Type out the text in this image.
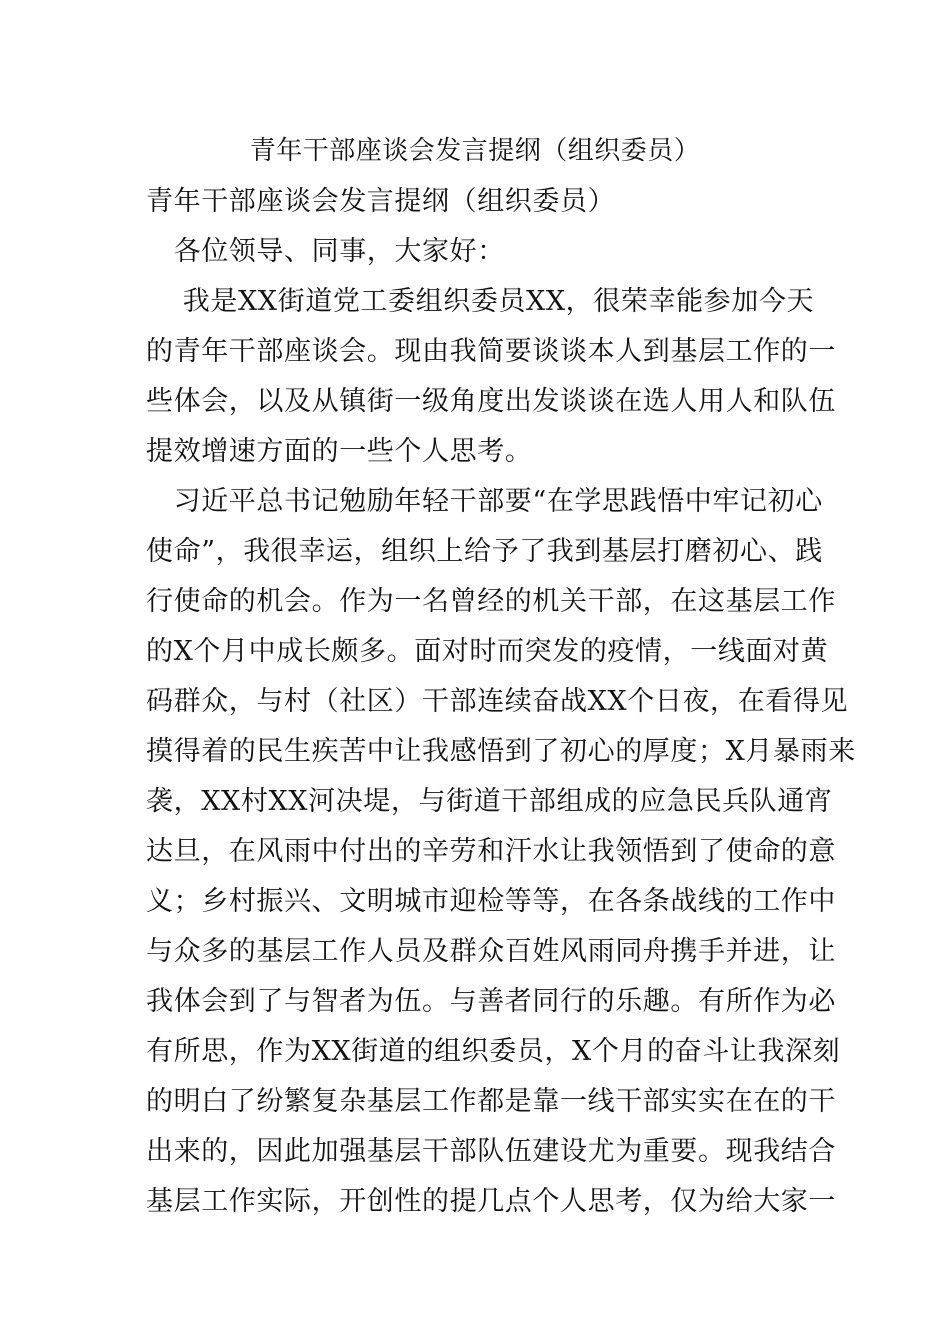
青年干部座谈会发言提纲（组织委员）
青年干部座谈会发言提纲（组织委员）
　各位领导、同事，大家好：
　 我是XX街道党工委组织委员XX，很荣幸能参加今天
的青年干部座谈会。现由我简要谈谈本人到基层工作的一
些体会，以及从镇街一级角度出发谈谈在选人用人和队伍
提效增速方面的一些个人思考。
　习近平总书记勉励年轻干部要“在学思践悟中牢记初心
使命”，我很幸运，组织上给予了我到基层打磨初心、践
行使命的机会。作为一名曾经的机关干部，在这基层工作
的X个月中成长颇多。面对时而突发的疫情，一线面对黄
码群众，与村（社区）干部连续奋战XX个日夜，在看得见
摸得着的民生疾苦中让我感悟到了初心的厚度；X月暴雨来
袭，XX村XX河决堤，与街道干部组成的应急民兵队通宵
达旦，在风雨中付出的辛劳和汗水让我领悟到了使命的意
义；乡村振兴、文明城市迎检等等，在各条战线的工作中
与众多的基层工作人员及群众百姓风雨同舟携手并进，让
我体会到了与智者为伍。与善者同行的乐趣。有所作为必
有所思，作为XX街道的组织委员，X个月的奋斗让我深刻
的明白了纷繁复杂基层工作都是靠一线干部实实在在的干
出来的，因此加强基层干部队伍建设尤为重要。现我结合
基层工作实际，开创性的提几点个人思考，仅为给大家一
